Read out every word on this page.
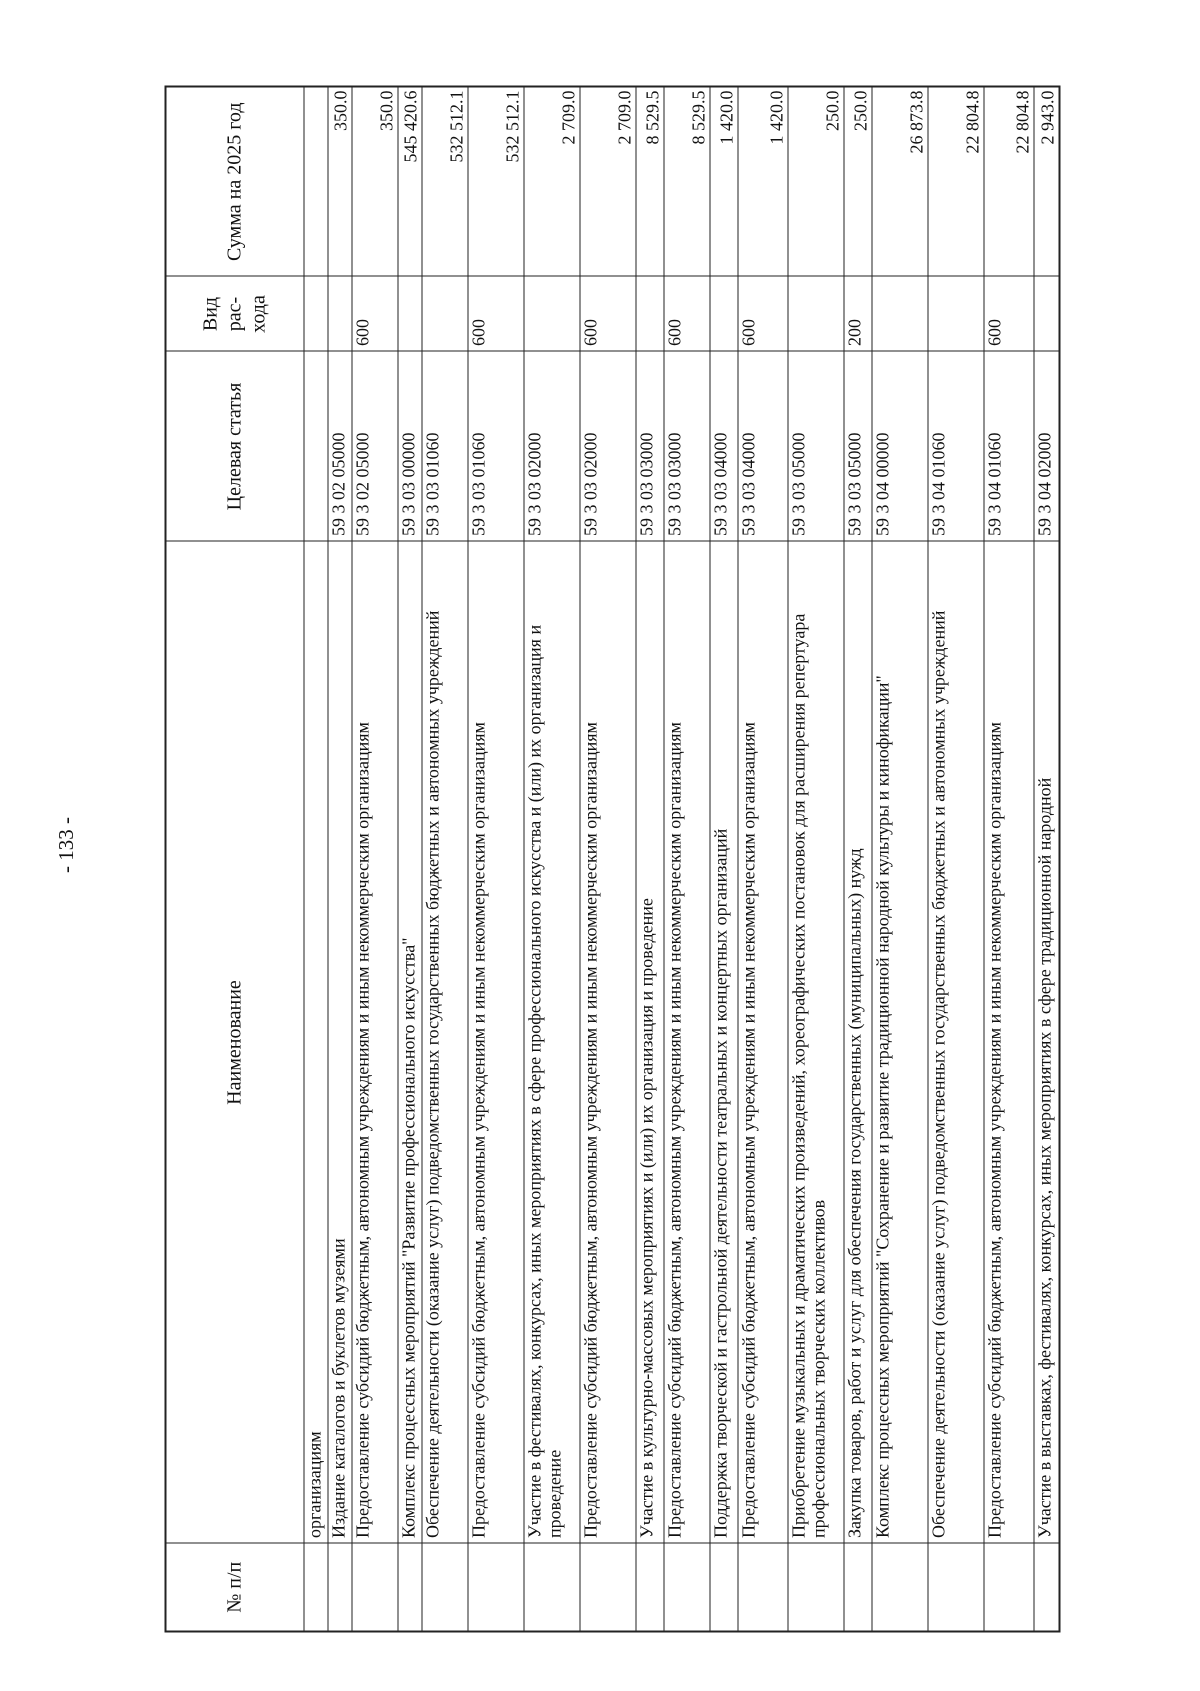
- 133 -
№ п/п	Наименование	Целевая статья	Вид рас- хода	Сумма на 2025 год
	организациям			
	Издание каталогов и буклетов музеями	59 3 02 05000		350.0
	Предоставление субсидий бюджетным, автономным учреждениям и иным некоммерческим организациям	59 3 02 05000	600	350.0
	Комплекс процессных мероприятий "Развитие профессионального искусства"	59 3 03 00000		545 420.6
	Обеспечение деятельности (оказание услуг) подведомственных государственных бюджетных и автономных учреждений	59 3 03 01060		532 512.1
	Предоставление субсидий бюджетным, автономным учреждениям и иным некоммерческим организациям	59 3 03 01060	600	532 512.1
	Участие в фестивалях, конкурсах, иных мероприятиях в сфере профессионального искусства и (или) их организация и проведение	59 3 03 02000		2 709.0
	Предоставление субсидий бюджетным, автономным учреждениям и иным некоммерческим организациям	59 3 03 02000	600	2 709.0
	Участие в культурно-массовых мероприятиях и (или) их организация и проведение	59 3 03 03000		8 529.5
	Предоставление субсидий бюджетным, автономным учреждениям и иным некоммерческим организациям	59 3 03 03000	600	8 529.5
	Поддержка творческой и гастрольной деятельности театральных и концертных организаций	59 3 03 04000		1 420.0
	Предоставление субсидий бюджетным, автономным учреждениям и иным некоммерческим организациям	59 3 03 04000	600	1 420.0
	Приобретение музыкальных и драматических произведений, хореографических постановок для расширения репертуара профессиональных творческих коллективов	59 3 03 05000		250.0
	Закупка товаров, работ и услуг для обеспечения государственных (муниципальных) нужд	59 3 03 05000	200	250.0
	Комплекс процессных мероприятий "Сохранение и развитие традиционной народной культуры и кинофикации"	59 3 04 00000		26 873.8
	Обеспечение деятельности (оказание услуг) подведомственных государственных бюджетных и автономных учреждений	59 3 04 01060		22 804.8
	Предоставление субсидий бюджетным, автономным учреждениям и иным некоммерческим организациям	59 3 04 01060	600	22 804.8
	Участие в выставках, фестивалях, конкурсах, иных мероприятиях в сфере традиционной народной	59 3 04 02000		2 943.0
